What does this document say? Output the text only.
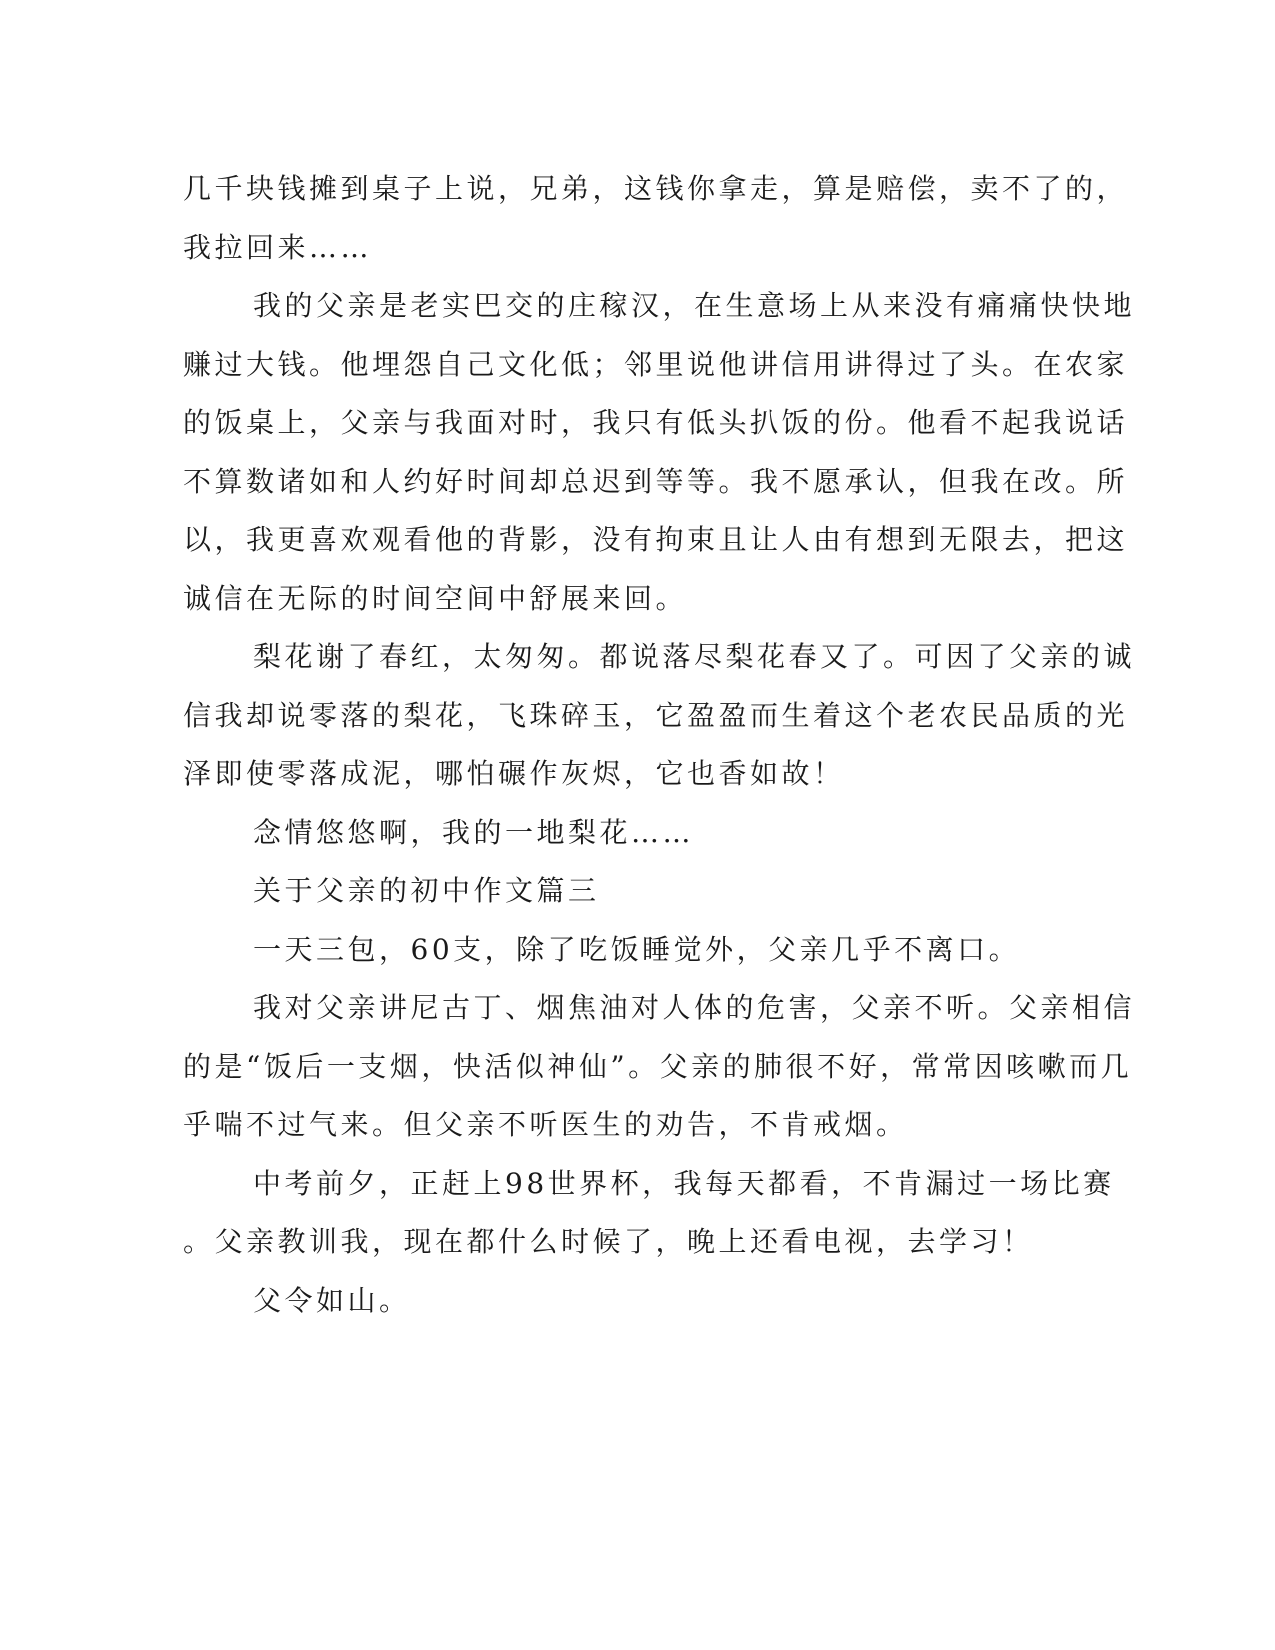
几千块钱摊到桌子上说，兄弟，这钱你拿走，算是赔偿，卖不了的，
我拉回来……
我的父亲是老实巴交的庄稼汉，在生意场上从来没有痛痛快快地
赚过大钱。他埋怨自己文化低；邻里说他讲信用讲得过了头。在农家
的饭桌上，父亲与我面对时，我只有低头扒饭的份。他看不起我说话
不算数诸如和人约好时间却总迟到等等。我不愿承认，但我在改。所
以，我更喜欢观看他的背影，没有拘束且让人由有想到无限去，把这
诚信在无际的时间空间中舒展来回。
梨花谢了春红，太匆匆。都说落尽梨花春又了。可因了父亲的诚
信我却说零落的梨花，飞珠碎玉，它盈盈而生着这个老农民品质的光
泽即使零落成泥，哪怕碾作灰烬，它也香如故！
念情悠悠啊，我的一地梨花……
关于父亲的初中作文篇三
一天三包，60支，除了吃饭睡觉外，父亲几乎不离口。
我对父亲讲尼古丁、烟焦油对人体的危害，父亲不听。父亲相信
的是“饭后一支烟，快活似神仙”。父亲的肺很不好，常常因咳嗽而几
乎喘不过气来。但父亲不听医生的劝告，不肯戒烟。
中考前夕，正赶上98世界杯，我每天都看，不肯漏过一场比赛
。父亲教训我，现在都什么时候了，晚上还看电视，去学习！
父令如山。
